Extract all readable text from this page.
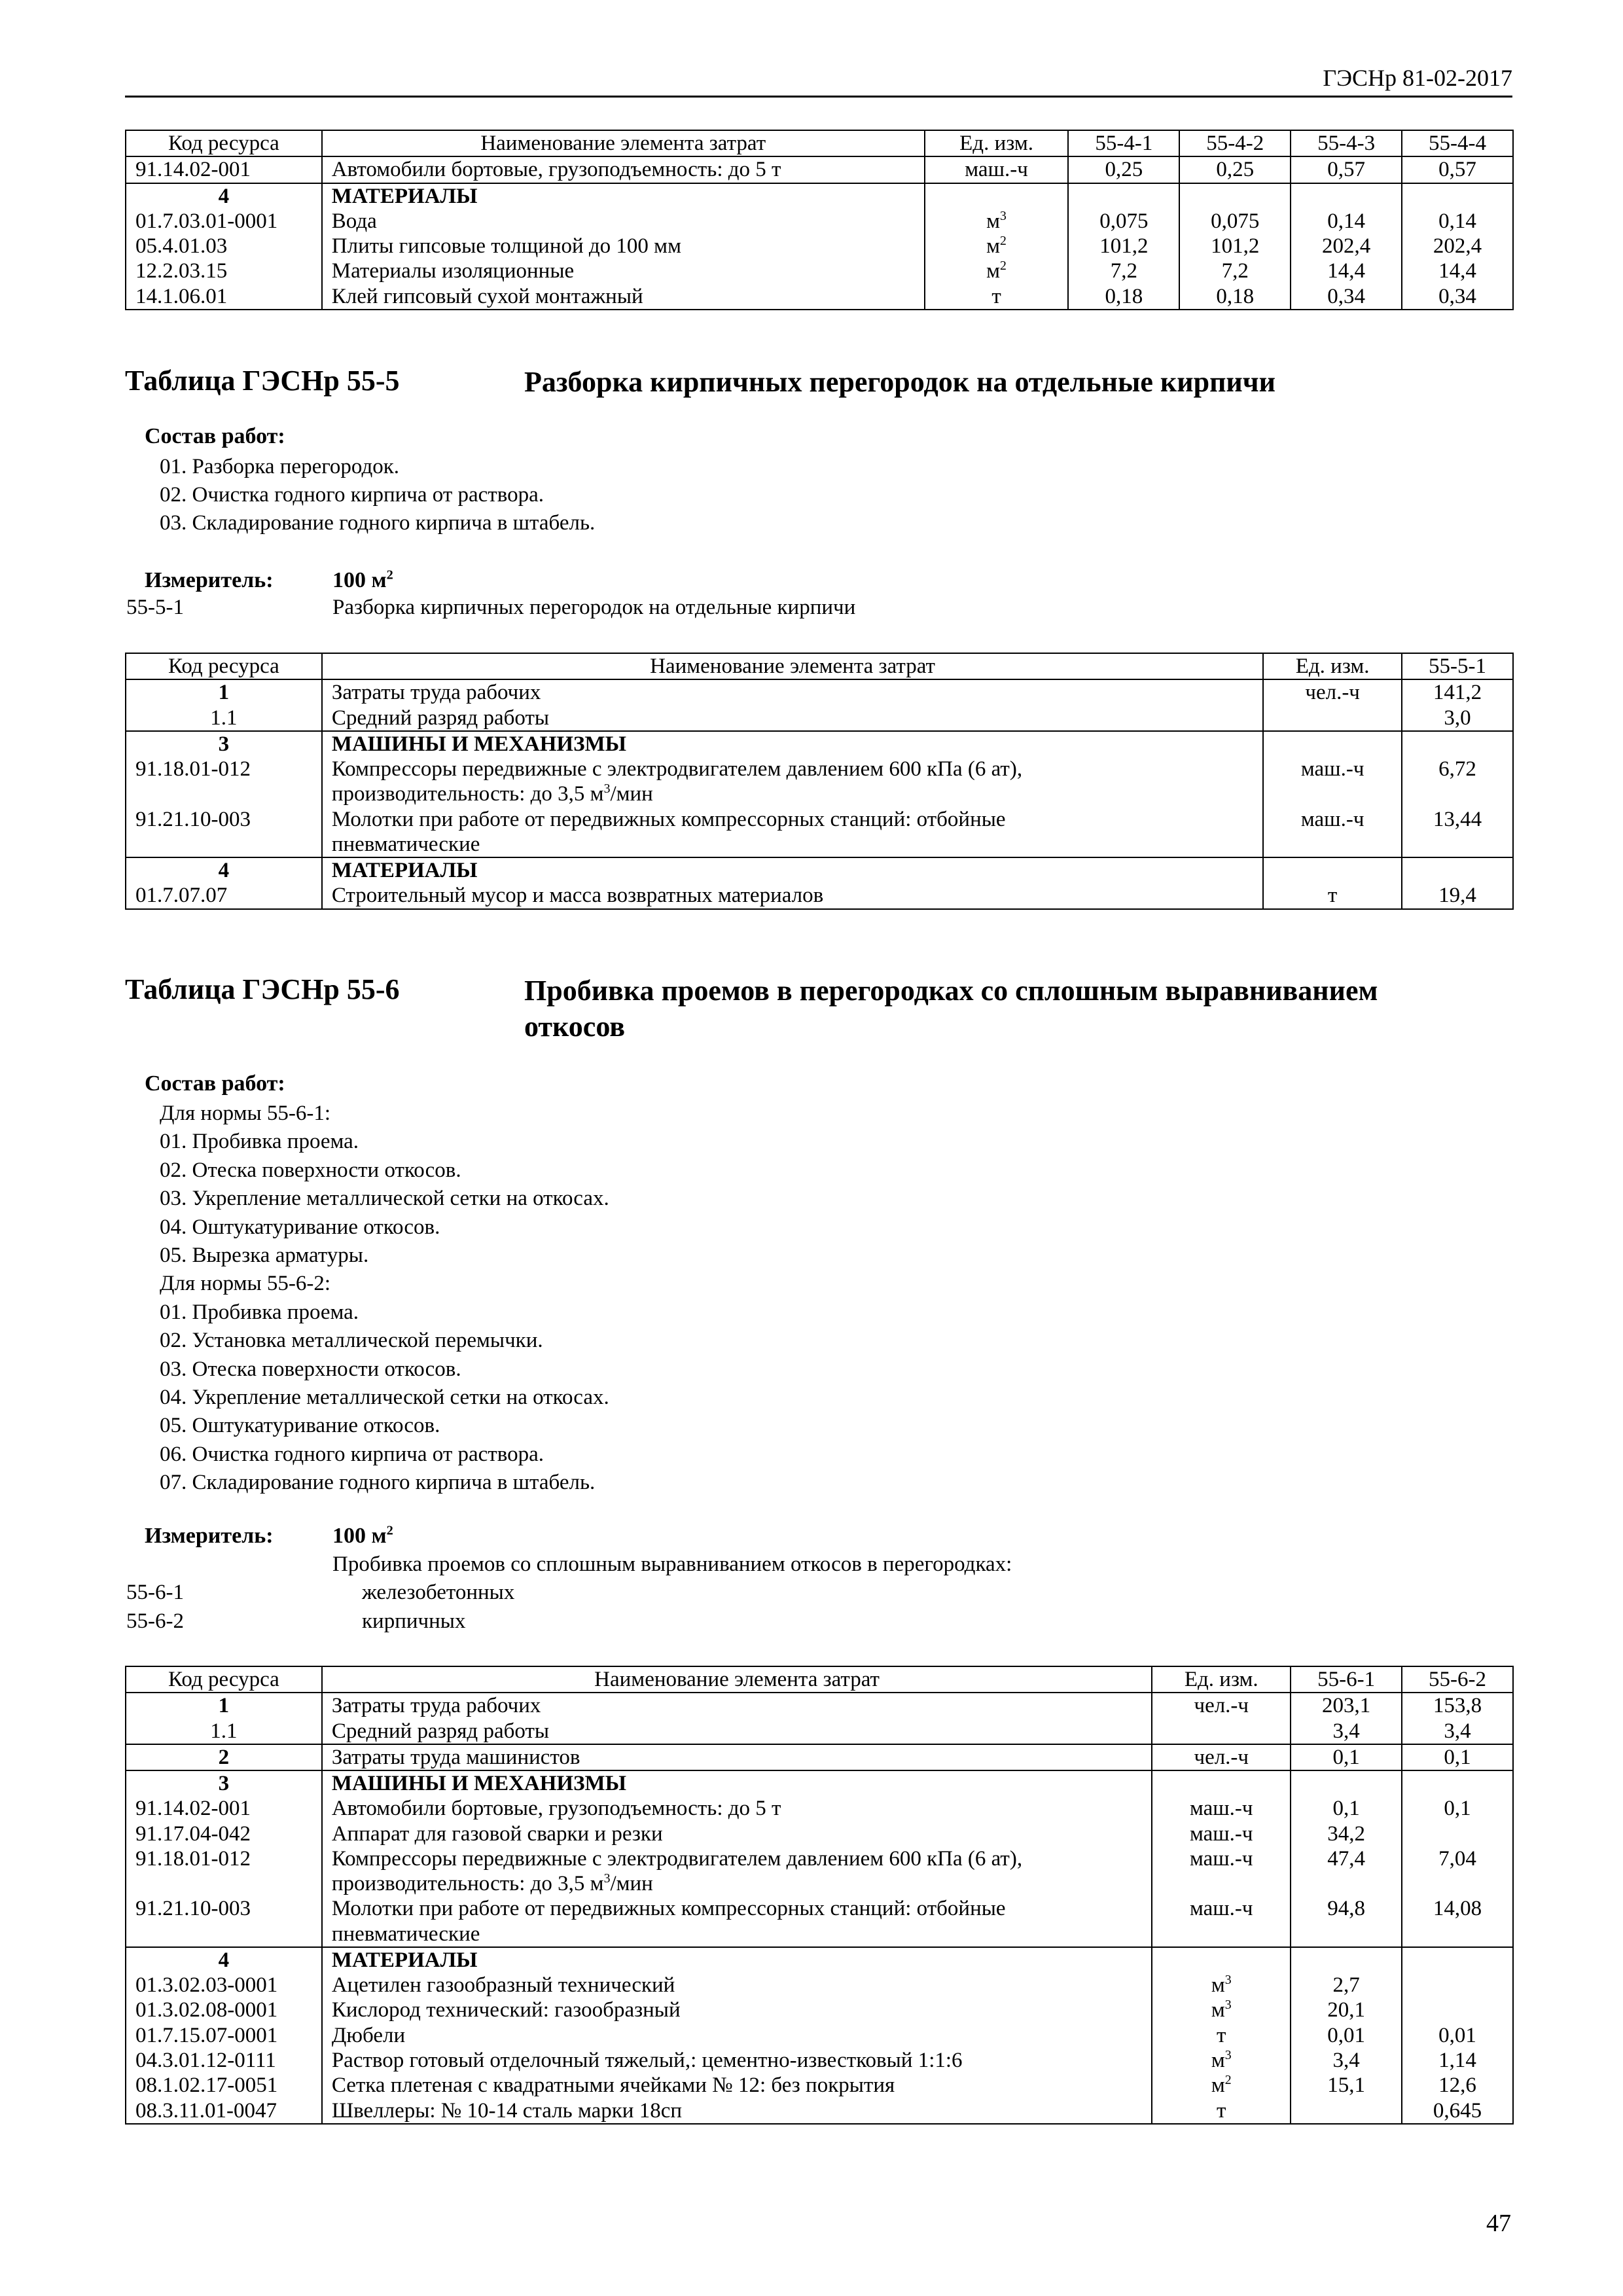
ГЭСНр 81-02-2017
Код ресурса	Наименование элемента затрат	Ед. изм.	55-4-1	55-4-2	55-4-3	55-4-4
91.14.02-001	Автомобили бортовые, грузоподъемность: до 5 т	маш.-ч	0,25	0,25	0,57	0,57
4	МАТЕРИАЛЫ					
01.7.03.01-0001	Вода	$м^3$	0,075	0,075	0,14	0,14
05.4.01.03	Плиты гипсовые толщиной до 100 мм	$м^2$	101,2	101,2	202,4	202,4
12.2.03.15	Материалы изоляционные	$м^2$	7,2	7,2	14,4	14,4
14.1.06.01	Клей гипсовый сухой монтажный	т	0,18	0,18	0,34	0,34
Таблица ГЭСНр 55-5	Разборка кирпичных перегородок на отдельные кирпичи
Состав работ:
01. Разборка перегородок.
02. Очистка годного кирпича от раствора.
03. Складирование годного кирпича в штабель.
Измеритель:	100 $м^2$
55-5-1	Разборка кирпичных перегородок на отдельные кирпичи
Код ресурса	Наименование элемента затрат	Ед. изм.	55-5-1
1	Затраты труда рабочих	чел.-ч	141,2
1.1	Средний разряд работы		3,0
3	МАШИНЫ И МЕХАНИЗМЫ		
91.18.01-012	Компрессоры передвижные с электродвигателем давлением 600 кПа (6 ат),
производительность: до 3,5 $м^3$/мин	маш.-ч	6,72
91.21.10-003	Молотки при работе от передвижных компрессорных станций: отбойные
пневматические	маш.-ч	13,44
4	МАТЕРИАЛЫ		
01.7.07.07	Строительный мусор и масса возвратных материалов	т	19,4
Таблица ГЭСНр 55-6	Пробивка проемов в перегородках со сплошным выравниванием
откосов
Состав работ:
Для нормы 55-6-1:
01. Пробивка проема.
02. Отеска поверхности откосов.
03. Укрепление металлической сетки на откосах.
04. Оштукатуривание откосов.
05. Вырезка арматуры.
Для нормы 55-6-2:
01. Пробивка проема.
02. Установка металлической перемычки.
03. Отеска поверхности откосов.
04. Укрепление металлической сетки на откосах.
05. Оштукатуривание откосов.
06. Очистка годного кирпича от раствора.
07. Складирование годного кирпича в штабель.
Измеритель:	100 $м^2$
Пробивка проемов со сплошным выравниванием откосов в перегородках:
55-6-1	железобетонных
55-6-2	кирпичных
Код ресурса	Наименование элемента затрат	Ед. изм.	55-6-1	55-6-2
1	Затраты труда рабочих	чел.-ч	203,1	153,8
1.1	Средний разряд работы		3,4	3,4
2	Затраты труда машинистов	чел.-ч	0,1	0,1
3	МАШИНЫ И МЕХАНИЗМЫ			
91.14.02-001	Автомобили бортовые, грузоподъемность: до 5 т	маш.-ч	0,1	0,1
91.17.04-042	Аппарат для газовой сварки и резки	маш.-ч	34,2	
91.18.01-012	Компрессоры передвижные с электродвигателем давлением 600 кПа (6 ат),
производительность: до 3,5 $м^3$/мин	маш.-ч	47,4	7,04
91.21.10-003	Молотки при работе от передвижных компрессорных станций: отбойные
пневматические	маш.-ч	94,8	14,08
4	МАТЕРИАЛЫ			
01.3.02.03-0001	Ацетилен газообразный технический	$м^3$	2,7	
01.3.02.08-0001	Кислород технический: газообразный	$м^3$	20,1	
01.7.15.07-0001	Дюбели	т	0,01	0,01
04.3.01.12-0111	Раствор готовый отделочный тяжелый,: цементно-известковый 1:1:6	$м^3$	3,4	1,14
08.1.02.17-0051	Сетка плетеная с квадратными ячейками № 12: без покрытия	$м^2$	15,1	12,6
08.3.11.01-0047	Швеллеры: № 10-14 сталь марки 18сп	т		0,645
47
